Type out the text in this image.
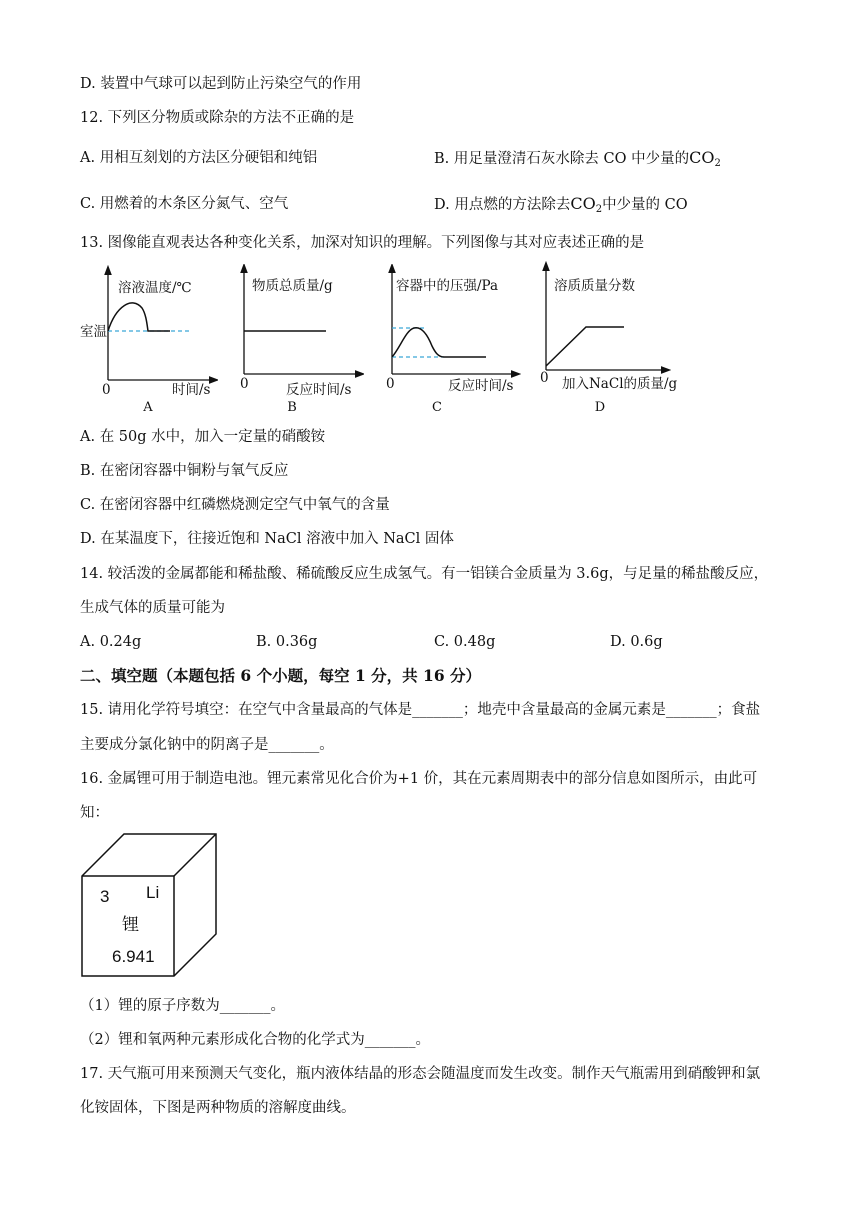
D. 装置中气球可以起到防止污染空气的作用
12. 下列区分物质或除杂的方法不正确的是
A. 用相互刻划的方法区分硬铝和纯铝	B. 用足量澄清石灰水除去 CO 中少量的$CO_2$
C. 用燃着的木条区分氮气、空气	D. 用点燃的方法除去$CO_2$中少量的 CO
13. 图像能直观表达各种变化关系，加深对知识的理解。下列图像与其对应表述正确的是
溶液温度/℃
室温
0	时间/s
A
物质总质量/g
0	反应时间/s
B
容器中的压强/Pa
0	反应时间/s
C
溶质质量分数
0 加入NaCl的质量/g
D
A. 在 50g 水中，加入一定量的硝酸铵
B. 在密闭容器中铜粉与氧气反应
C. 在密闭容器中红磷燃烧测定空气中氧气的含量
D. 在某温度下，往接近饱和 NaCl 溶液中加入 NaCl 固体
14. 较活泼的金属都能和稀盐酸、稀硫酸反应生成氢气。有一铝镁合金质量为 3.6g，与足量的稀盐酸反应，
生成气体的质量可能为
A. 0.24g	B. 0.36g	C. 0.48g	D. 0.6g
二、填空题（本题包括 6 个小题，每空 1 分，共 16 分）
15. 请用化学符号填空：在空气中含量最高的气体是_______；地壳中含量最高的金属元素是_______；食盐
主要成分氯化钠中的阴离子是_______。
16. 金属锂可用于制造电池。锂元素常见化合价为+1 价，其在元素周期表中的部分信息如图所示，由此可
知：
3 Li
锂
6.941
（1）锂的原子序数为_______。
（2）锂和氧两种元素形成化合物的化学式为_______。
17. 天气瓶可用来预测天气变化，瓶内液体结晶的形态会随温度而发生改变。制作天气瓶需用到硝酸钾和氯
化铵固体，下图是两种物质的溶解度曲线。
